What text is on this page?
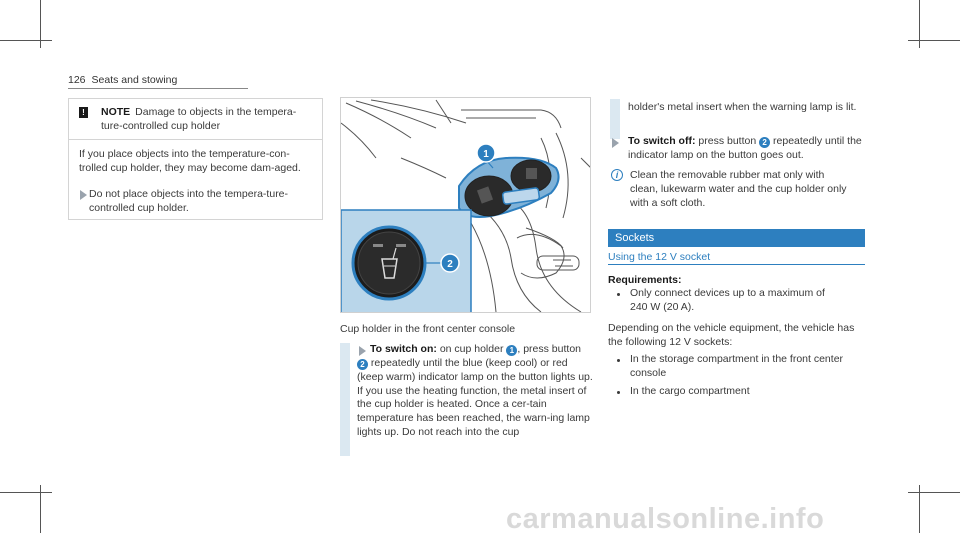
126 Seats and stowing
!	NOTE Damage to objects in the tempera-ture-controlled cup holder
If you place objects into the temperature-con-trolled cup holder, they may become dam-aged.
Do not place objects into the tempera-ture-controlled cup holder.
1
2
Cup holder in the front center console
To switch on: on cup holder 1 , press button 2 repeatedly until the blue (keep cool) or red (keep warm) indicator lamp on the button lights up.
If you use the heating function, the metal insert of the cup holder is heated. Once a cer-tain temperature has been reached, the warn-ing lamp lights up. Do not reach into the cup
holder's metal insert when the warning lamp is lit.
To switch off: press button 2 repeatedly until the indicator lamp on the button goes out.
i	Clean the removable rubber mat only with clean, lukewarm water and the cup holder only with a soft cloth.
Sockets
Using the 12 V socket
Requirements:
Only connect devices up to a maximum of 240 W (20 A).
Depending on the vehicle equipment, the vehicle has the following 12 V sockets:
In the storage compartment in the front center console
In the cargo compartment
carmanualsonline.info
